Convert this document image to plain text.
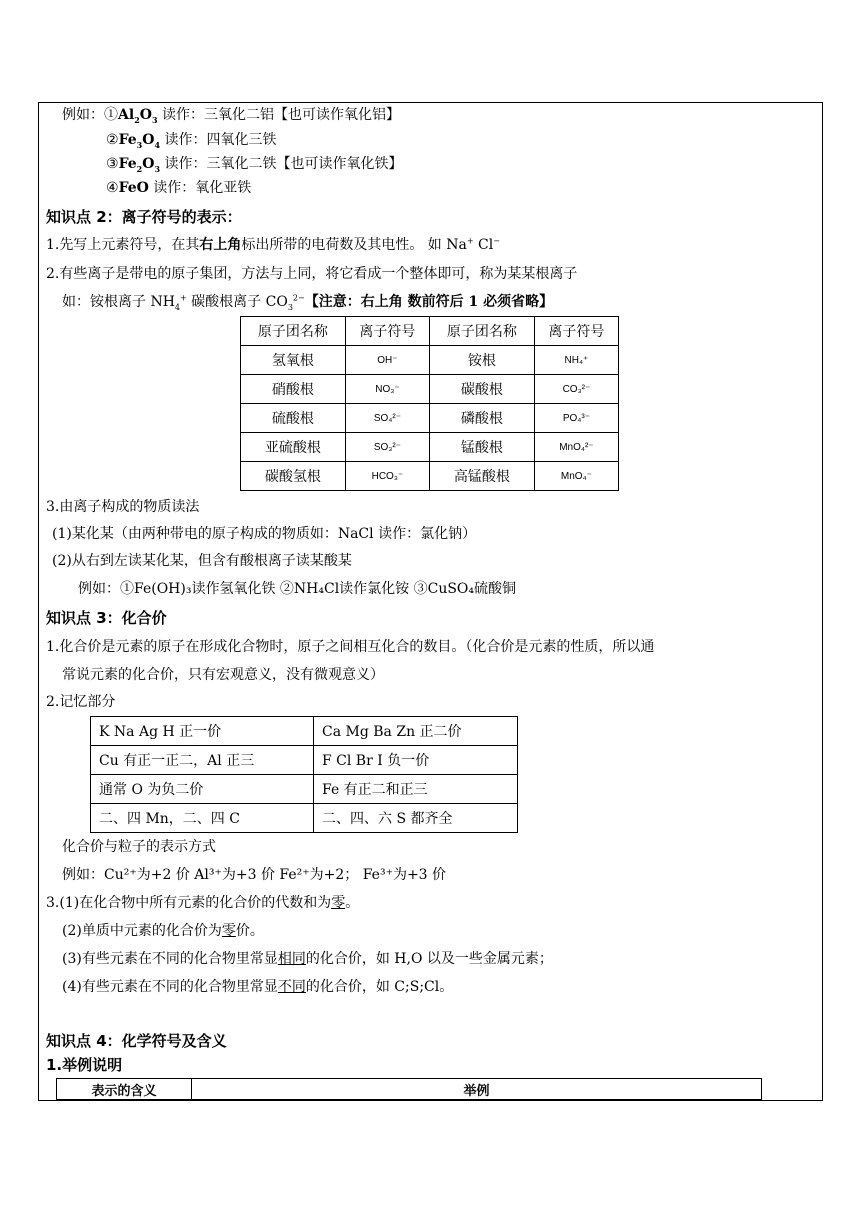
例如：$①Al_2O_3$ 读作：三氧化二铝【也可读作氧化铝】
$②Fe_3O_4$ 读作：四氧化三铁
$③Fe_2O_3$ 读作：三氧化二铁【也可读作氧化铁】
④FeO 读作：氧化亚铁
知识点 2：离子符号的表示：
1.先写上元素符号，在其右上角标出所带的电荷数及其电性。 如 Na+ Cl−
2.有些离子是带电的原子集团，方法与上同，将它看成一个整体即可，称为某某根离子
如：铵根离子 $NH_4^+$ 碳酸根离子 $CO_3^{2-}$【注意：右上角 数前符后 1 必须省略】
原子团名称	离子符号	原子团名称	离子符号
氢氧根	OH⁻	铵根	NH₄⁺
硝酸根	NO₃⁻	碳酸根	CO₃²⁻
硫酸根	SO₄²⁻	磷酸根	PO₄³⁻
亚硫酸根	SO₃²⁻	锰酸根	MnO₄²⁻
碳酸氢根	HCO₃⁻	高锰酸根	MnO₄⁻
3.由离子构成的物质读法
(1)某化某（由两种带电的原子构成的物质如：NaCl 读作：氯化钠）
(2)从右到左读某化某，但含有酸根离子读某酸某
例如：①Fe(OH)₃读作氢氧化铁 ②NH₄Cl读作氯化铵 ③CuSO₄硫酸铜
知识点 3：化合价
1.化合价是元素的原子在形成化合物时，原子之间相互化合的数目。（化合价是元素的性质，所以通
常说元素的化合价，只有宏观意义，没有微观意义）
2.记忆部分
K Na Ag H 正一价	Ca Mg Ba Zn 正二价
Cu 有正一正二，Al 正三	F Cl Br I 负一价
通常 O 为负二价	Fe 有正二和正三
二、四 Mn，二、四 C	二、四、六 S 都齐全
化合价与粒子的表示方式
例如：Cu²⁺为+2 价 Al³⁺为+3 价 Fe²⁺为+2； Fe³⁺为+3 价
3.(1)在化合物中所有元素的化合价的代数和为零。
(2)单质中元素的化合价为零价。
(3)有些元素在不同的化合物里常显相同的化合价，如 H,O 以及一些金属元素；
(4)有些元素在不同的化合物里常显不同的化合价，如 C;S;Cl。
知识点 4：化学符号及含义
1.举例说明
表示的含义	举例
